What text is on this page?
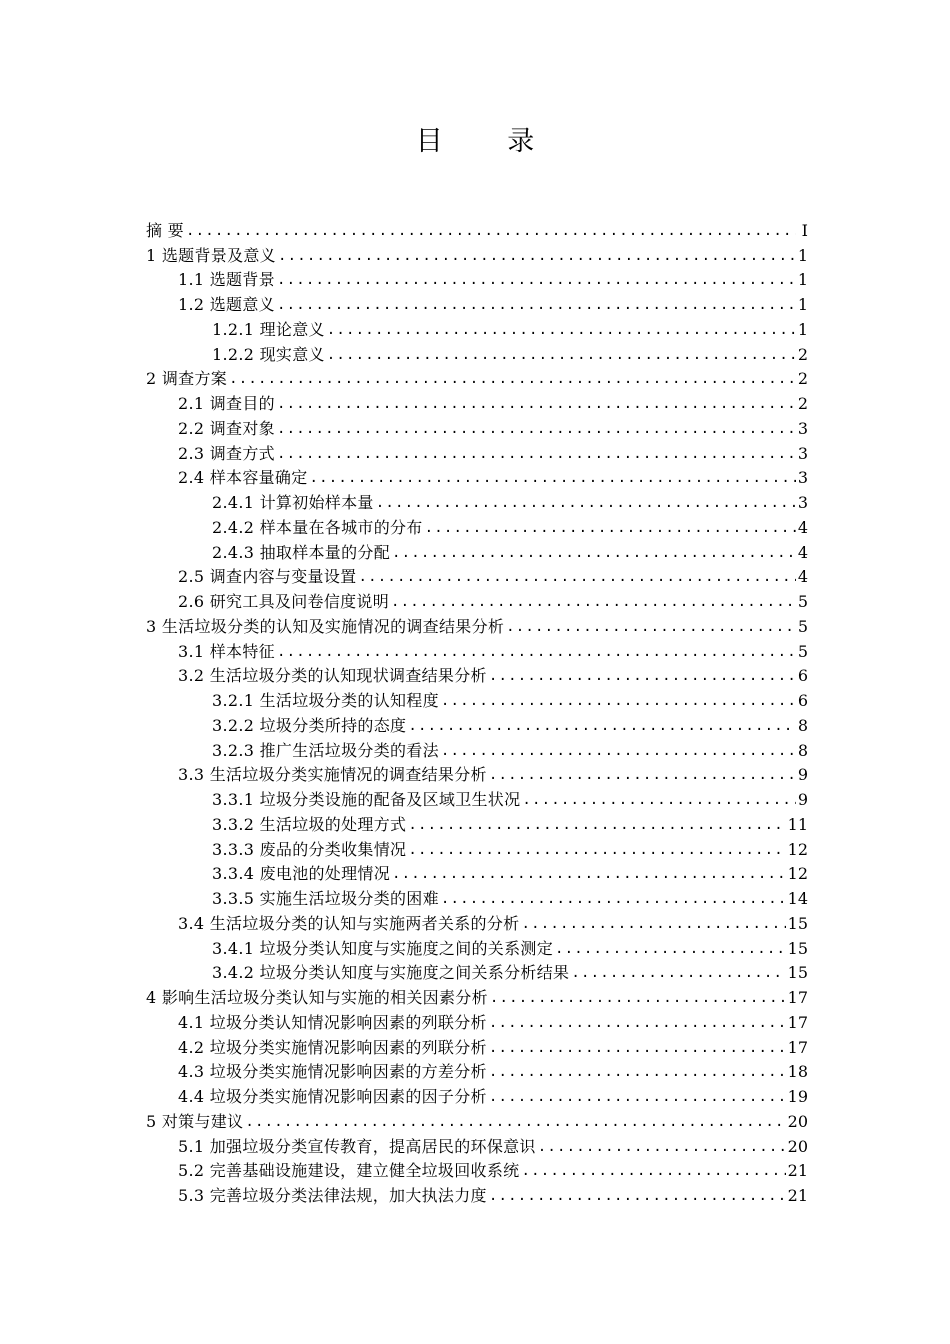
目 录
摘 要 .....	I
1 选题背景及意义 .....	1
1.1 选题背景 .....	1
1.2 选题意义 .....	1
1.2.1 理论意义 .....	1
1.2.2 现实意义 .....	2
2 调查方案 .....	2
2.1 调查目的 .....	2
2.2 调查对象 .....	3
2.3 调查方式 .....	3
2.4 样本容量确定 .....	3
2.4.1 计算初始样本量 .....	3
2.4.2 样本量在各城市的分布 .....	4
2.4.3 抽取样本量的分配 .....	4
2.5 调查内容与变量设置 .....	4
2.6 研究工具及问卷信度说明 .....	5
3 生活垃圾分类的认知及实施情况的调查结果分析 .....	5
3.1 样本特征 .....	5
3.2 生活垃圾分类的认知现状调查结果分析 .....	6
3.2.1 生活垃圾分类的认知程度 .....	6
3.2.2 垃圾分类所持的态度 .....	8
3.2.3 推广生活垃圾分类的看法 .....	8
3.3 生活垃圾分类实施情况的调查结果分析 .....	9
3.3.1 垃圾分类设施的配备及区域卫生状况 .....	9
3.3.2 生活垃圾的处理方式 .....	11
3.3.3 废品的分类收集情况 .....	12
3.3.4 废电池的处理情况 .....	12
3.3.5 实施生活垃圾分类的困难 .....	14
3.4 生活垃圾分类的认知与实施两者关系的分析 .....	15
3.4.1 垃圾分类认知度与实施度之间的关系测定 .....	15
3.4.2 垃圾分类认知度与实施度之间关系分析结果 .....	15
4 影响生活垃圾分类认知与实施的相关因素分析 .....	17
4.1 垃圾分类认知情况影响因素的列联分析 .....	17
4.2 垃圾分类实施情况影响因素的列联分析 .....	17
4.3 垃圾分类实施情况影响因素的方差分析 .....	18
4.4 垃圾分类实施情况影响因素的因子分析 .....	19
5 对策与建议 .....	20
5.1 加强垃圾分类宣传教育，提高居民的环保意识 .....	20
5.2 完善基础设施建设，建立健全垃圾回收系统 .....	21
5.3 完善垃圾分类法律法规，加大执法力度 .....	21
